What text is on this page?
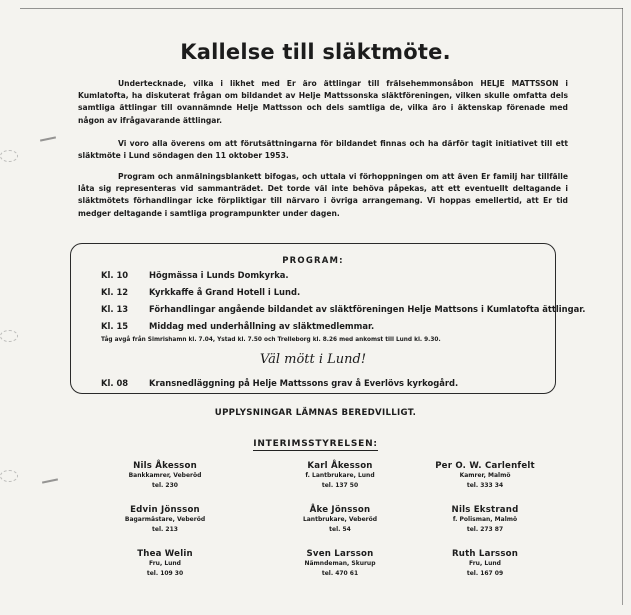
Kallelse till släktmöte.
Undertecknade, vilka i likhet med Er äro ättlingar till frälsehemmonsåbon HELJE MATTSSON i Kumlatofta, ha diskuterat frågan om bildandet av Helje Mattssonska släktföreningen, vilken skulle omfatta dels samtliga ättlingar till ovannämnde Helje Mattsson och dels samtliga de, vilka äro i äktenskap förenade med någon av ifrågavarande ättlingar.
Vi voro alla överens om att förutsättningarna för bildandet finnas och ha därför tagit initiativet till ett släktmöte i Lund söndagen den 11 oktober 1953.
Program och anmälningsblankett bifogas, och uttala vi förhoppningen om att även Er familj har tillfälle låta sig representeras vid sammanträdet. Det torde väl inte behöva påpekas, att ett eventuellt deltagande i släktmötets förhandlingar icke förpliktigar till närvaro i övriga arrangemang. Vi hoppas emellertid, att Er tid medger deltagande i samtliga programpunkter under dagen.
PROGRAM:
Kl. 10 Högmässa i Lunds Domkyrka.
Kl. 12 Kyrkkaffe å Grand Hotell i Lund.
Kl. 13 Förhandlingar angående bildandet av släktföreningen Helje Mattsons i Kumlatofta ättlingar.
Kl. 15 Middag med underhållning av släktmedlemmar.
Tåg avgå från Simrishamn kl. 7.04, Ystad kl. 7.50 och Trelleborg kl. 8.26 med ankomst till Lund kl. 9.30.
Väl mött i Lund!
Kl. 08 Kransnedläggning på Helje Mattssons grav å Everlövs kyrkogård.
UPPLYSNINGAR LÄMNAS BEREDVILLIGT.
INTERIMSSTYRELSEN:
Nils Åkesson
Bankkamrer, Veberöd
tel. 230
Karl Åkesson
f. Lantbrukare, Lund
tel. 137 50
Per O. W. Carlenfelt
Kamrer, Malmö
tel. 333 34
Edvin Jönsson
Bagarmästare, Veberöd
tel. 213
Åke Jönsson
Lantbrukare, Veberöd
tel. 54
Nils Ekstrand
f. Polisman, Malmö
tel. 273 87
Thea Welin
Fru, Lund
tel. 109 30
Sven Larsson
Nämndeman, Skurup
tel. 470 61
Ruth Larsson
Fru, Lund
tel. 167 09
